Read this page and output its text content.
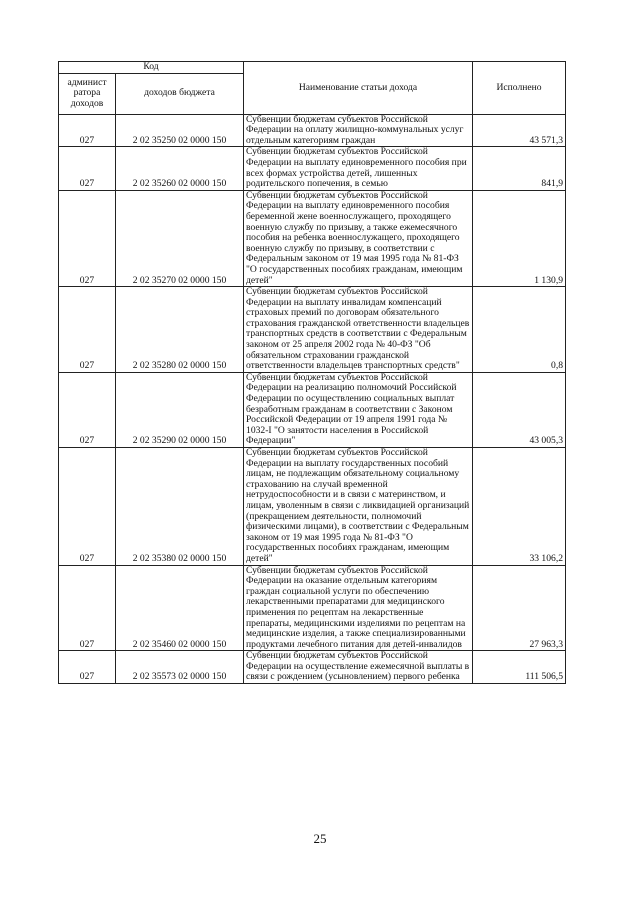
Код		Наименование статьи дохода	Исполнено
админист ратора доходов	доходов бюджета		
027	2 02 35250 02 0000 150	Субвенции бюджетам субъектов Российской Федерации на оплату жилищно-коммунальных услуг отдельным категориям граждан	43 571,3
027	2 02 35260 02 0000 150	Субвенции бюджетам субъектов Российской Федерации на выплату единовременного пособия при всех формах устройства детей, лишенных родительского попечения, в семью	841,9
027	2 02 35270 02 0000 150	Субвенции бюджетам субъектов Российской Федерации на выплату единовременного пособия беременной жене военнослужащего, проходящего военную службу по призыву, а также ежемесячного пособия на ребенка военнослужащего, проходящего военную службу по призыву, в соответствии с Федеральным законом от 19 мая 1995 года № 81-ФЗ "О государственных пособиях гражданам, имеющим детей"	1 130,9
027	2 02 35280 02 0000 150	Субвенции бюджетам субъектов Российской Федерации на выплату инвалидам компенсаций страховых премий по договорам обязательного страхования гражданской ответственности владельцев транспортных средств в соответствии с Федеральным законом от 25 апреля 2002 года № 40-ФЗ "Об обязательном страховании гражданской ответственности владельцев транспортных средств"	0,8
027	2 02 35290 02 0000 150	Субвенции бюджетам субъектов Российской Федерации на реализацию полномочий Российской Федерации по осуществлению социальных выплат безработным гражданам в соответствии с Законом Российской Федерации от 19 апреля 1991 года № 1032-I "О занятости населения в Российской Федерации"	43 005,3
027	2 02 35380 02 0000 150	Субвенции бюджетам субъектов Российской Федерации на выплату государственных пособий лицам, не подлежащим обязательному социальному страхованию на случай временной нетрудоспособности и в связи с материнством, и лицам, уволенным в связи с ликвидацией организаций (прекращением деятельности, полномочий физическими лицами), в соответствии с Федеральным законом от 19 мая 1995 года № 81-ФЗ "О государственных пособиях гражданам, имеющим детей"	33 106,2
027	2 02 35460 02 0000 150	Субвенции бюджетам субъектов Российской Федерации на оказание отдельным категориям граждан социальной услуги по обеспечению лекарственными препаратами для медицинского применения по рецептам на лекарственные препараты, медицинскими изделиями по рецептам на медицинские изделия, а также специализированными продуктами лечебного питания для детей-инвалидов	27 963,3
027	2 02 35573 02 0000 150	Субвенции бюджетам субъектов Российской Федерации на осуществление ежемесячной выплаты в связи с рождением (усыновлением) первого ребенка	111 506,5
25
